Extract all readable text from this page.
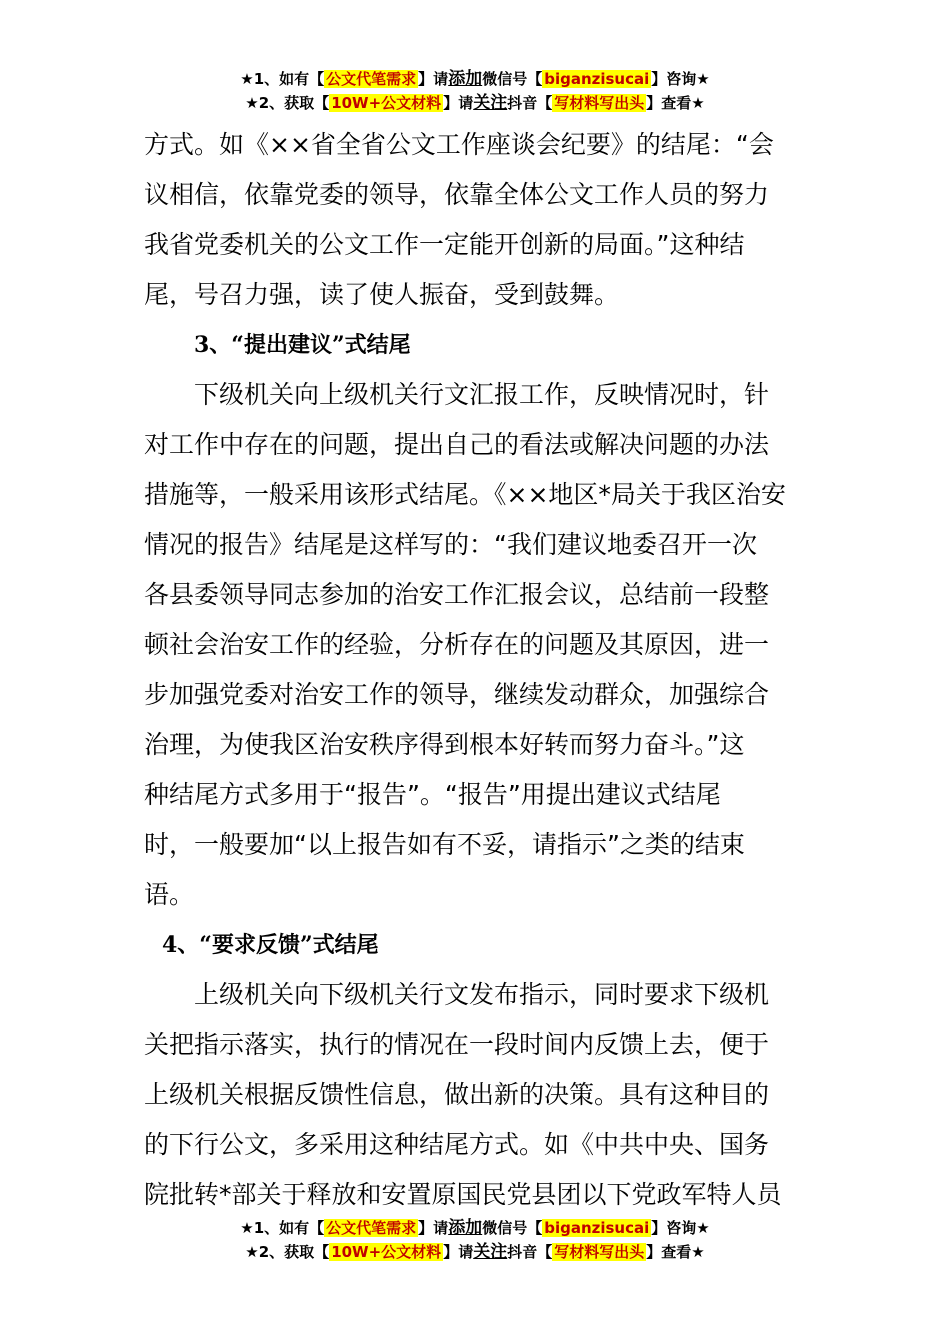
★1、如有【 公文代笔需求 】请添加微信号【 biganzisucai 】咨询★
★2、获取【 10W+公文材料 】请关注抖音【 写材料写出头 】查看★
方式。如《××省全省公文工作座谈会纪要》的结尾：“会
议相信，依靠党委的领导，依靠全体公文工作人员的努力
我省党委机关的公文工作一定能开创新的局面。”这种结
尾，号召力强，读了使人振奋，受到鼓舞。
3、“提出建议”式结尾
下级机关向上级机关行文汇报工作，反映情况时，针
对工作中存在的问题，提出自己的看法或解决问题的办法
措施等，一般采用该形式结尾。《××地区*局关于我区治安
情况的报告》结尾是这样写的：“我们建议地委召开一次
各县委领导同志参加的治安工作汇报会议，总结前一段整
顿社会治安工作的经验，分析存在的问题及其原因，进一
步加强党委对治安工作的领导，继续发动群众，加强综合
治理，为使我区治安秩序得到根本好转而努力奋斗。”这
种结尾方式多用于“报告”。“报告”用提出建议式结尾
时，一般要加“以上报告如有不妥，请指示”之类的结束
语。
4、“要求反馈”式结尾
上级机关向下级机关行文发布指示，同时要求下级机
关把指示落实，执行的情况在一段时间内反馈上去，便于
上级机关根据反馈性信息，做出新的决策。具有这种目的
的下行公文，多采用这种结尾方式。如《中共中央、国务
院批转*部关于释放和安置原国民党县团以下党政军特人员
★1、如有【 公文代笔需求 】请添加微信号【 biganzisucai 】咨询★
★2、获取【 10W+公文材料 】请关注抖音【 写材料写出头 】查看★
